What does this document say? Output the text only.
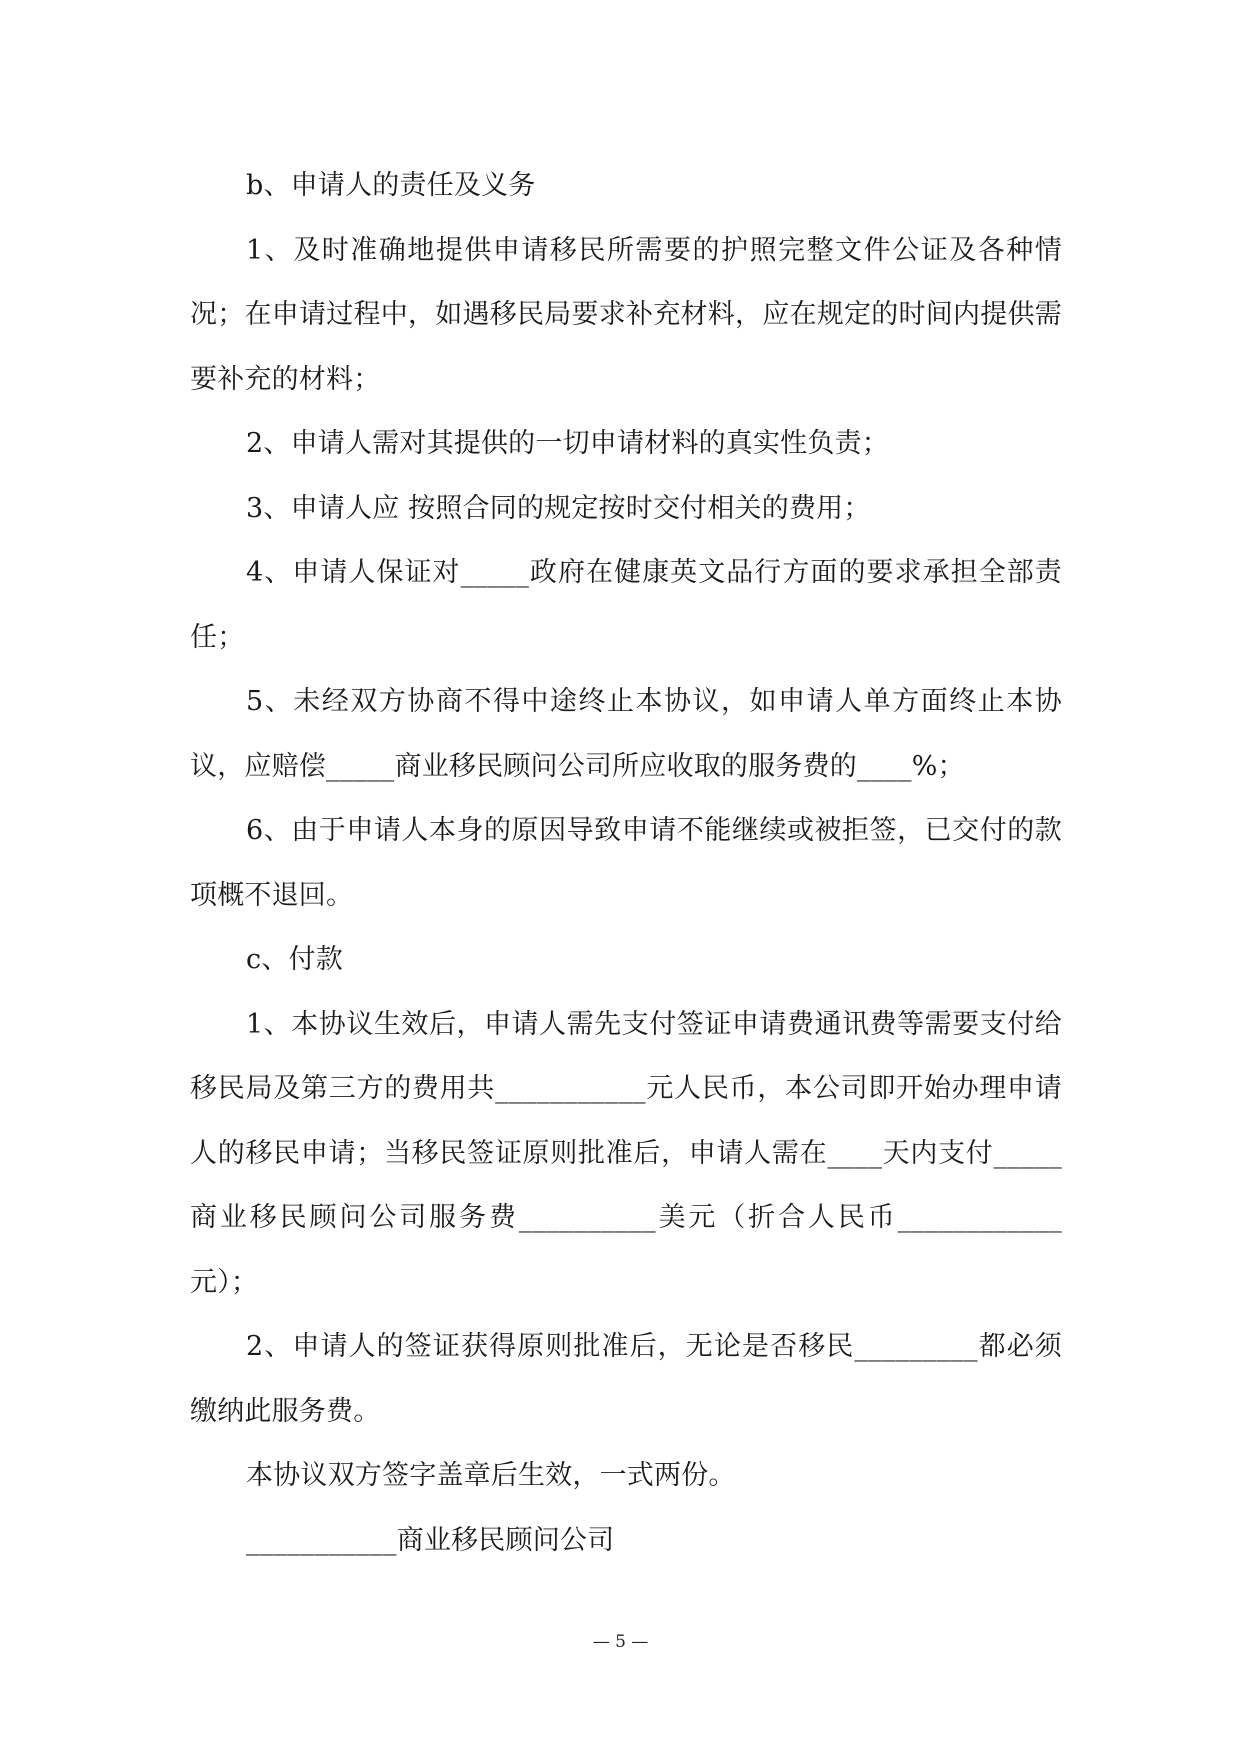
b、申请人的责任及义务

1、及时准确地提供申请移民所需要的护照完整文件公证及各种情况；在申请过程中，如遇移民局要求补充材料，应在规定的时间内提供需要补充的材料；

2、申请人需对其提供的一切申请材料的真实性负责；

3、申请人应 按照合同的规定按时交付相关的费用；

4、申请人保证对_____政府在健康英文品行方面的要求承担全部责任；

5、未经双方协商不得中途终止本协议，如申请人单方面终止本协议，应赔偿_____商业移民顾问公司所应收取的服务费的____%；

6、由于申请人本身的原因导致申请不能继续或被拒签，已交付的款项概不退回。

c、付款

1、本协议生效后，申请人需先支付签证申请费通讯费等需要支付给移民局及第三方的费用共___________元人民币，本公司即开始办理申请人的移民申请；当移民签证原则批准后，申请人需在____天内支付_____商业移民顾问公司服务费__________美元（折合人民币____________元）；

2、申请人的签证获得原则批准后，无论是否移民_________都必须缴纳此服务费。

本协议双方签字盖章后生效，一式两份。

___________商业移民顾问公司

— 5 —
